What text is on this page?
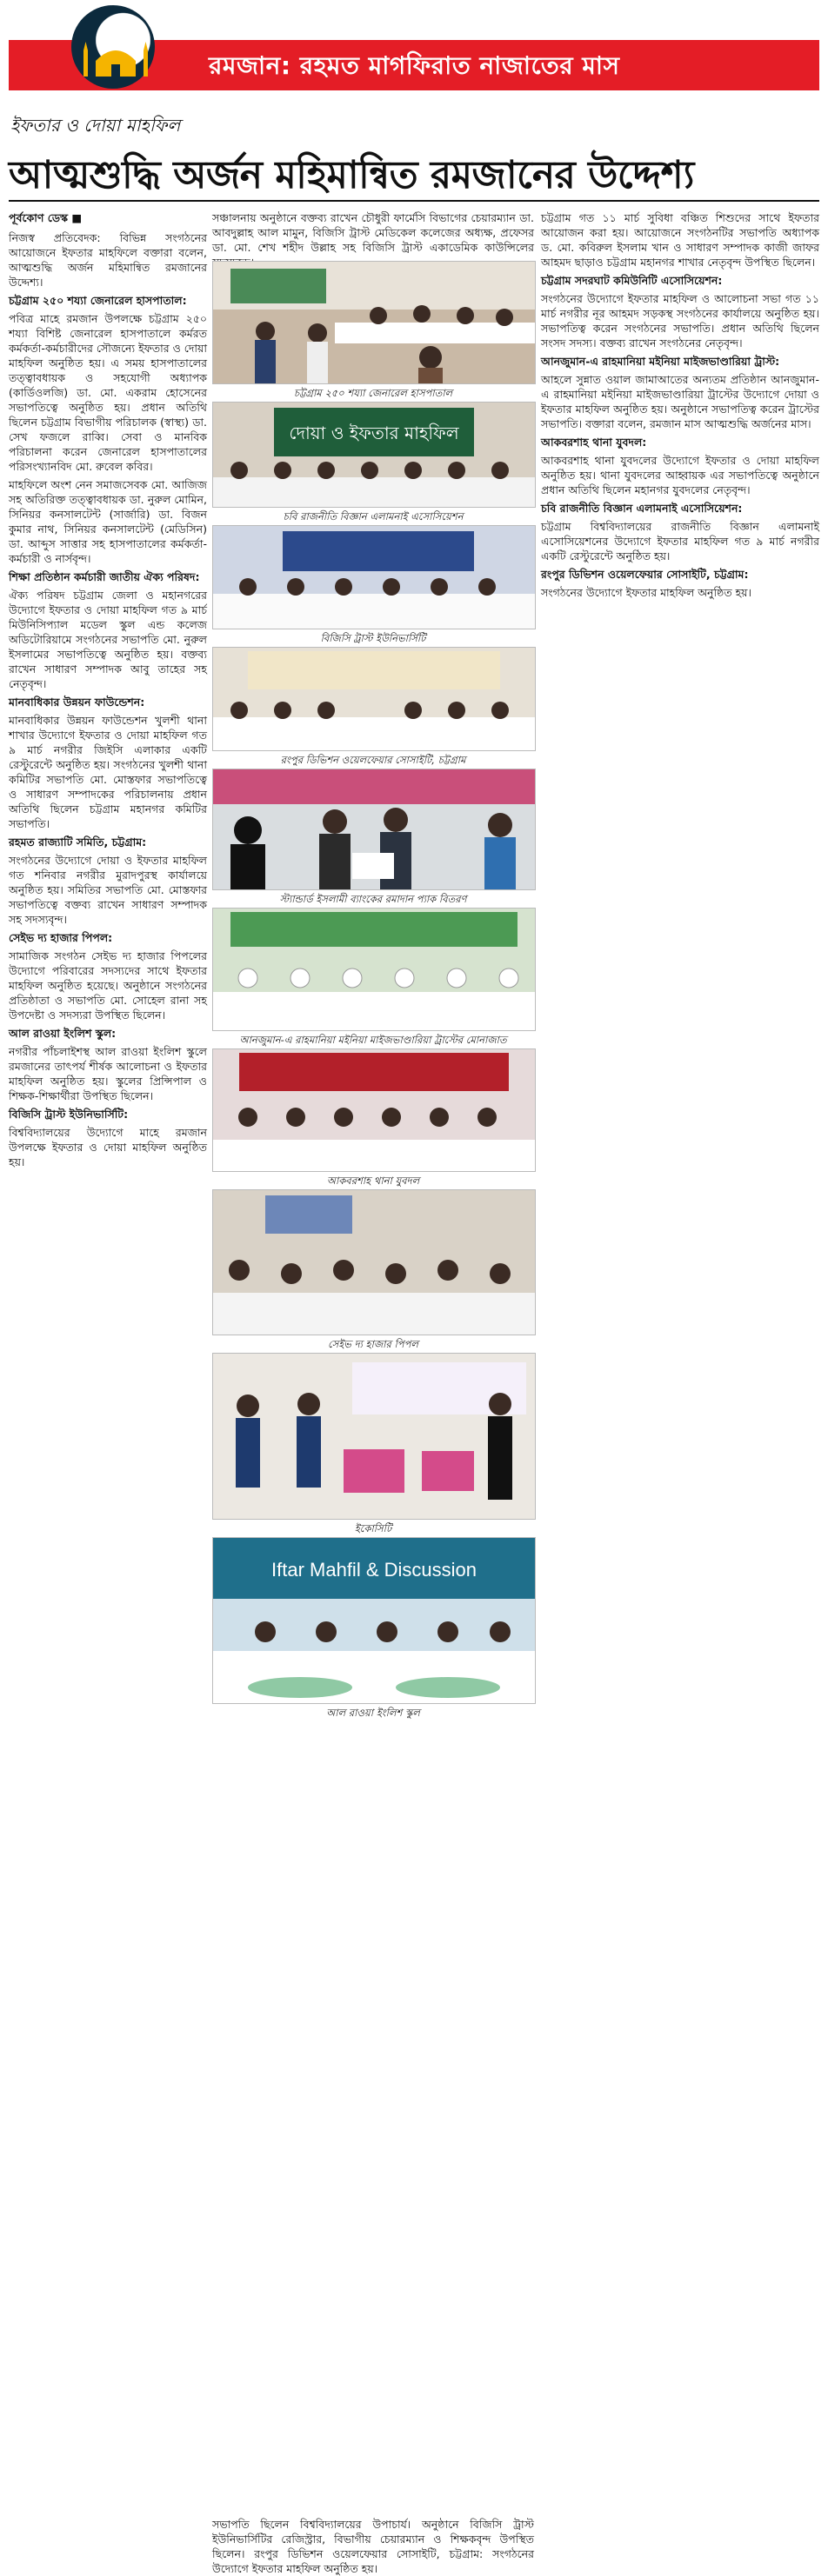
রমজান: রহমত মাগফিরাত নাজাতের মাস
ইফতার ও দোয়া মাহফিল
আত্মশুদ্ধি অর্জন মহিমান্বিত রমজানের উদ্দেশ্য

পূর্বকোণ ডেস্ক ■

নিজস্ব প্রতিবেদক: বিভিন্ন সংগঠনের আয়োজনে ইফতার মাহফিলে বক্তারা বলেন, আত্মশুদ্ধি অর্জন মহিমান্বিত রমজানের উদ্দেশ্য।

চট্টগ্রাম ২৫০ শয্যা জেনারেল হাসপাতাল:

পবিত্র মাহে রমজান উপলক্ষে চট্টগ্রাম ২৫০ শয্যা বিশিষ্ট জেনারেল হাসপাতালে কর্মরত কর্মকর্তা-কর্মচারীদের সৌজন্যে ইফতার ও দোয়া মাহফিল অনুষ্ঠিত হয়। এ সময় হাসপাতালের তত্ত্বাবধায়ক ও সহযোগী অধ্যাপক (কার্ডিওলজি) ডা. মো. একরাম হোসেনের সভাপতিত্বে অনুষ্ঠিত হয়। প্রধান অতিথি ছিলেন চট্টগ্রাম বিভাগীয় পরিচালক (স্বাস্থ্য) ডা. সেখ ফজলে রাব্বি। সেবা ও মানবিক পরিচালনা করেন জেনারেল হাসপাতালের পরিসংখ্যানবিদ মো. রুবেল কবির।

মাহফিলে অংশ নেন সমাজসেবক মো. আজিজ সহ অতিরিক্ত তত্ত্বাবধায়ক ডা. নুরুল মোমিন, সিনিয়র কনসালটেন্ট (সার্জারি) ডা. বিজন কুমার নাথ, সিনিয়র কনসালটেন্ট (মেডিসিন) ডা. আব্দুস সাত্তার সহ হাসপাতালের কর্মকর্তা-কর্মচারী ও নার্সবৃন্দ।

শিক্ষা প্রতিষ্ঠান কর্মচারী জাতীয় ঐক্য পরিষদ:

ঐক্য পরিষদ চট্টগ্রাম জেলা ও মহানগরের উদ্যোগে ইফতার ও দোয়া মাহফিল গত ৯ মার্চ মিউনিসিপ্যাল মডেল স্কুল এন্ড কলেজ অডিটোরিয়ামে সংগঠনের সভাপতি মো. নুরুল ইসলামের সভাপতিত্বে অনুষ্ঠিত হয়। বক্তব্য রাখেন সাধারণ সম্পাদক আবু তাহের সহ নেতৃবৃন্দ।

মানবাধিকার উন্নয়ন ফাউন্ডেশন:

মানবাধিকার উন্নয়ন ফাউন্ডেশন খুলশী থানা শাখার উদ্যোগে ইফতার ও দোয়া মাহফিল গত ৯ মার্চ নগরীর জিইসি এলাকার একটি রেস্টুরেন্টে অনুষ্ঠিত হয়। সংগঠনের খুলশী থানা কমিটির সভাপতি মো. মোস্তফার সভাপতিত্বে ও সাধারণ সম্পাদকের পরিচালনায় প্রধান অতিথি ছিলেন চট্টগ্রাম মহানগর কমিটির সভাপতি।

রহমত রাজ্যাটি সমিতি, চট্টগ্রাম:

সংগঠনের উদ্যোগে দোয়া ও ইফতার মাহফিল গত শনিবার নগরীর মুরাদপুরস্থ কার্যালয়ে অনুষ্ঠিত হয়। সমিতির সভাপতি মো. মোস্তফার সভাপতিত্বে বক্তব্য রাখেন সাধারণ সম্পাদক সহ সদস্যবৃন্দ।

সেইভ দ্য হাজার পিপল:

সামাজিক সংগঠন সেইভ দ্য হাজার পিপলের উদ্যোগে পরিবারের সদস্যদের সাথে ইফতার মাহফিল অনুষ্ঠিত হয়েছে। অনুষ্ঠানে সংগঠনের প্রতিষ্ঠাতা ও সভাপতি মো. সোহেল রানা সহ উপদেষ্টা ও সদস্যরা উপস্থিত ছিলেন।

আল রাওয়া ইংলিশ স্কুল:

নগরীর পাঁচলাইশস্থ আল রাওয়া ইংলিশ স্কুলে রমজানের তাৎপর্য শীর্ষক আলোচনা ও ইফতার মাহফিল অনুষ্ঠিত হয়। স্কুলের প্রিন্সিপাল ও শিক্ষক-শিক্ষার্থীরা উপস্থিত ছিলেন।

বিজিসি ট্রাস্ট ইউনিভার্সিটি:

বিশ্ববিদ্যালয়ের উদ্যোগে মাহে রমজান উপলক্ষে ইফতার ও দোয়া মাহফিল অনুষ্ঠিত হয়।

সঞ্চালনায় অনুষ্ঠানে বক্তব্য রাখেন চৌধুরী ফার্মেসি বিভাগের চেয়ারম্যান ডা. আবদুল্লাহ আল মামুন, বিজিসি ট্রাস্ট মেডিকেল কলেজের অধ্যক্ষ, প্রফেসর ডা. মো. শেখ শহীদ উল্লাহ সহ বিজিসি ট্রাস্ট একাডেমিক কাউন্সিলের

চট্টগ্রাম ২৫০ শয্যা জেনারেল হাসপাতাল
দোয়া ও ইফতার মাহফিল
চবি রাজনীতি বিজ্ঞান এলামনাই এসোসিয়েশন
বিজিসি ট্রাস্ট ইউনিভার্সিটি
রংপুর ডিভিশন ওয়েলফেয়ার সোসাইটি, চট্টগ্রাম
স্ট্যান্ডার্ড ইসলামী ব্যাংকের রমাদান প্যাক বিতরণ
আনজুমান-এ রাহমানিয়া মইনিয়া মাইজভাণ্ডারিয়া ট্রাস্টের মোনাজাত
আকবরশাহ থানা যুবদল
সেইভ দ্য হাজার পিপল
ইকোসিটি
Iftar Mahfil & Discussion
আল রাওয়া ইংলিশ স্কুল

চট্টগ্রাম গত ১১ মার্চ সুবিধা বঞ্চিত শিশুদের সাথে ইফতার আয়োজন করা হয়। আয়োজনে সংগঠনটির সভাপতি অধ্যাপক ড. মো. কবিরুল ইসলাম খান ও সাধারণ সম্পাদক কাজী জাফর আহমদ ছাড়াও চট্টগ্রাম মহানগর শাখার নেতৃবৃন্দ উপস্থিত ছিলেন।

চট্টগ্রাম সদরঘাট কমিউনিটি এসোসিয়েশন:

সংগঠনের উদ্যোগে ইফতার মাহফিল ও আলোচনা সভা গত ১১ মার্চ নগরীর নূর আহমদ সড়কস্থ সংগঠনের কার্যালয়ে অনুষ্ঠিত হয়। সভাপতিত্ব করেন সংগঠনের সভাপতি। প্রধান অতিথি ছিলেন সংসদ সদস্য। বক্তব্য রাখেন সংগঠনের নেতৃবৃন্দ।

আনজুমান-এ রাহমানিয়া মইনিয়া মাইজভাণ্ডারিয়া ট্রাস্ট:

আহলে সুন্নাত ওয়াল জামাআতের অন্যতম প্রতিষ্ঠান আনজুমান-এ রাহমানিয়া মইনিয়া মাইজভাণ্ডারিয়া ট্রাস্টের উদ্যোগে দোয়া ও ইফতার মাহফিল অনুষ্ঠিত হয়। অনুষ্ঠানে সভাপতিত্ব করেন ট্রাস্টের সভাপতি। বক্তারা বলেন, রমজান মাস আত্মশুদ্ধি অর্জনের মাস।

আকবরশাহ থানা যুবদল:

আকবরশাহ থানা যুবদলের উদ্যোগে ইফতার ও দোয়া মাহফিল অনুষ্ঠিত হয়। থানা যুবদলের আহ্বায়ক এর সভাপতিত্বে অনুষ্ঠানে প্রধান অতিথি ছিলেন মহানগর যুবদলের নেতৃবৃন্দ।

চবি রাজনীতি বিজ্ঞান এলামনাই এসোসিয়েশন:

চট্টগ্রাম বিশ্ববিদ্যালয়ের রাজনীতি বিজ্ঞান এলামনাই এসোসিয়েশনের উদ্যোগে ইফতার মাহফিল গত ৯ মার্চ নগরীর একটি রেস্টুরেন্টে অনুষ্ঠিত হয়।

রংপুর ডিভিশন ওয়েলফেয়ার সোসাইটি, চট্টগ্রাম:

সংগঠনের উদ্যোগে ইফতার মাহফিল অনুষ্ঠিত হয়।

সভাপতি ছিলেন বিশ্ববিদ্যালয়ের উপাচার্য। অনুষ্ঠানে বিজিসি ট্রাস্ট ইউনিভার্সিটির রেজিস্ট্রার, বিভাগীয় চেয়ারম্যান ও শিক্ষকবৃন্দ উপস্থিত ছিলেন। রংপুর ডিভিশন ওয়েলফেয়ার সোসাইটি, চট্টগ্রাম: সংগঠনের উদ্যোগে ইফতার মাহফিল অনুষ্ঠিত হয়।
